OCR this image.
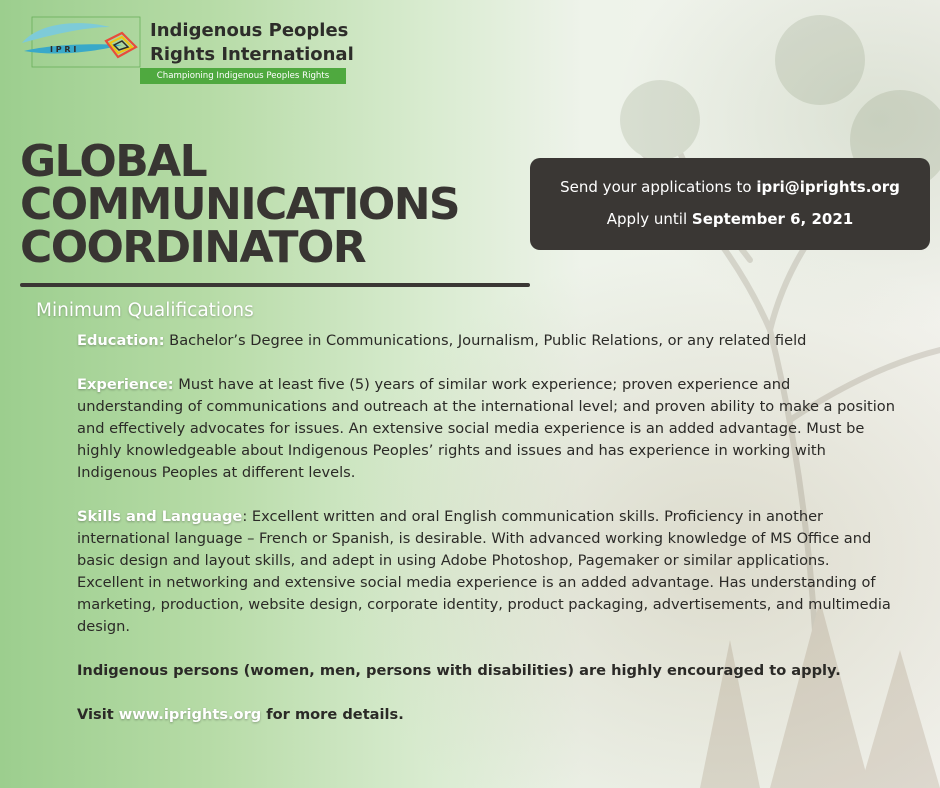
I P R I
Indigenous Peoples
Rights International
Championing Indigenous Peoples Rights
GLOBAL
COMMUNICATIONS
COORDINATOR
Send your applications to ipri@iprights.org
Apply until September 6, 2021
Minimum Qualifications

Education: Bachelor’s Degree in Communications, Journalism, Public Relations, or any related field

Experience: Must have at least five (5) years of similar work experience; proven experience and understanding of communications and outreach at the international level; and proven ability to make a position and effectively advocates for issues. An extensive social media experience is an added advantage. Must be highly knowledgeable about Indigenous Peoples’ rights and issues and has experience in working with Indigenous Peoples at different levels.

Skills and Language: Excellent written and oral English communication skills. Proficiency in another international language – French or Spanish, is desirable. With advanced working knowledge of MS Office and basic design and layout skills, and adept in using Adobe Photoshop, Pagemaker or similar applications. Excellent in networking and extensive social media experience is an added advantage. Has understanding of marketing, production, website design, corporate identity, product packaging, advertisements, and multimedia design.

Indigenous persons (women, men, persons with disabilities) are highly encouraged to apply.

Visit www.iprights.org for more details.
